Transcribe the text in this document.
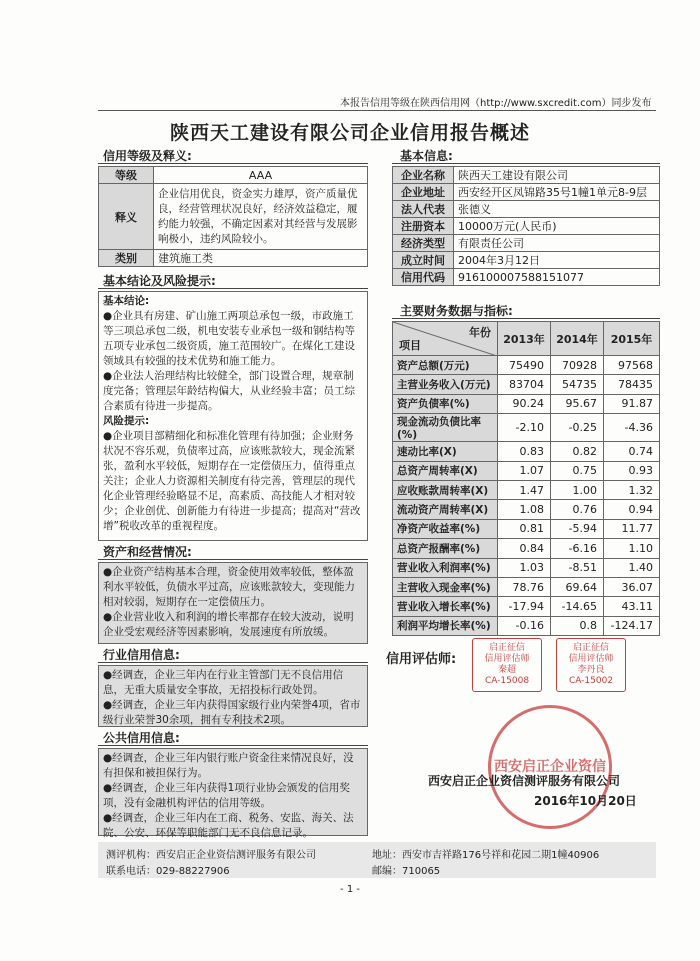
本报告信用等级在陕西信用网（http://www.sxcredit.com）同步发布
陕西天工建设有限公司企业信用报告概述
信用等级及释义:
等级	AAA
释义	企业信用优良，资金实力雄厚，资产质量优良，经营管理状况良好，经济效益稳定，履约能力较强，不确定因素对其经营与发展影响极小，违约风险较小。
类别	建筑施工类
基本结论及风险提示:

基本结论:

●企业具有房建、矿山施工两项总承包一级，市政施工等三项总承包二级，机电安装专业承包一级和钢结构等五项专业承包二级资质，施工范围较广。在煤化工建设领域具有较强的技术优势和施工能力。

●企业法人治理结构比较健全，部门设置合理，规章制度完备；管理层年龄结构偏大，从业经验丰富；员工综合素质有待进一步提高。

风险提示:

●企业项目部精细化和标准化管理有待加强；企业财务状况不容乐观，负债率过高，应该账款较大，现金流紧张，盈利水平较低，短期存在一定偿债压力，值得重点关注；企业人力资源相关制度有待完善，管理层的现代化企业管理经验略显不足，高素质、高技能人才相对较少；企业创优、创新能力有待进一步提高；提高对“营改增”税收改革的重视程度。

资产和经营情况:

●企业资产结构基本合理，资金使用效率较低，整体盈利水平较低，负债水平过高，应该账款较大，变现能力相对较弱，短期存在一定偿债压力。

●企业营业收入和利润的增长率都存在较大波动，说明企业受宏观经济等因素影响，发展速度有所放缓。

行业信用信息:

●经调查，企业三年内在行业主管部门无不良信用信息，无重大质量安全事故，无招投标行政处罚。

●经调查，企业三年内获得国家级行业内荣誉4项，省市级行业荣誉30余项，拥有专利技术2项。

公共信用信息:

●经调查，企业三年内银行账户资金往来情况良好，没有担保和被担保行为。

●经调查，企业三年内获得1项行业协会颁发的信用奖项，没有金融机构评估的信用等级。

●经调查，企业三年内在工商、税务、安监、海关、法院、公安、环保等职能部门无不良信息记录。

基本信息:
企业名称	陕西天工建设有限公司
企业地址	西安经开区凤锦路35号1幢1单元8-9层
法人代表	张德义
注册资本	10000万元(人民币)
经济类型	有限责任公司
成立时间	2004年3月12日
信用代码	916100007588151077
主要财务数据与指标:
年份
项目	2013年	2014年	2015年
资产总额(万元)	75490	70928	97568
主营业务收入(万元)	83704	54735	78435
资产负债率(%)	90.24	95.67	91.87
现金流动负债比率(%)	-2.10	-0.25	-4.36
速动比率(X)	0.83	0.82	0.74
总资产周转率(X)	1.07	0.75	0.93
应收账款周转率(X)	1.47	1.00	1.32
流动资产周转率(X)	1.08	0.76	0.94
净资产收益率(%)	0.81	-5.94	11.77
总资产报酬率(%)	0.84	-6.16	1.10
营业收入利润率(%)	1.03	-8.51	1.40
主营收入现金率(%)	78.76	69.64	36.07
营业收入增长率(%)	-17.94	-14.65	43.11
利润平均增长率(%)	-0.16	0.8	-124.17
信用评估师:
启正征信
信用评估师
秦超
CA-15008
启正征信
信用评估师
李丹良
CA-15002
西安启正企业资信
西安启正企业资信测评服务有限公司
2016年10月20日
测评机构：西安启正企业资信测评服务有限公司
联系电话：029-88227906
地址：西安市吉祥路176号祥和花园二期1幢40906
邮编：710065
- 1 -
